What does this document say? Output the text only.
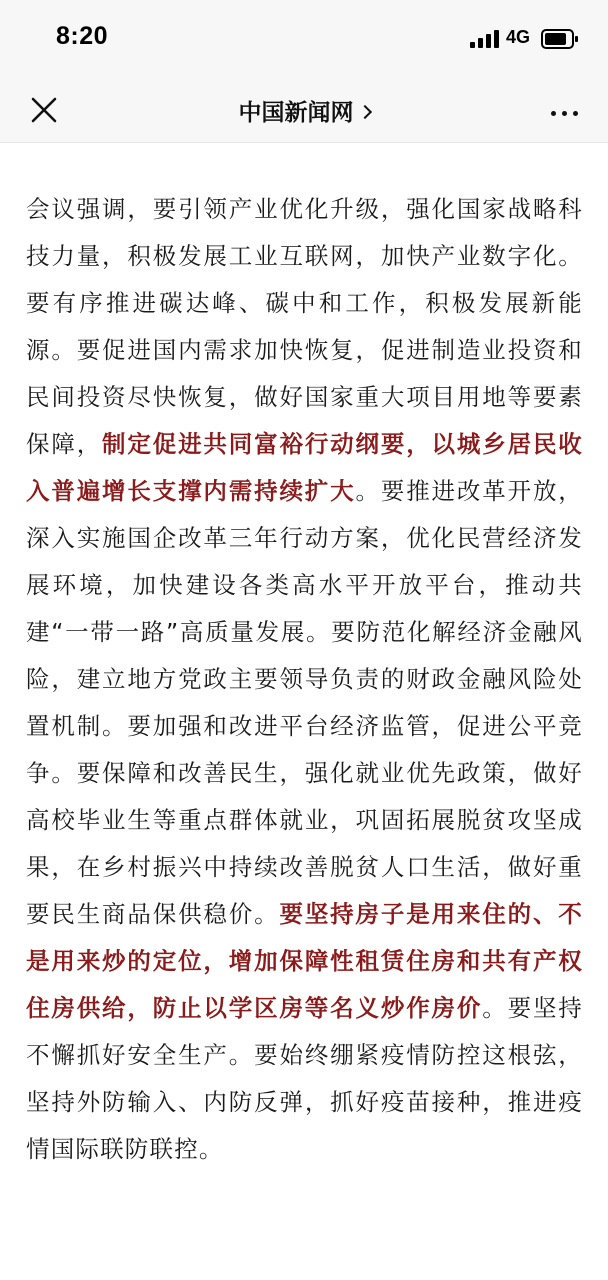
8:20	4G
中国新闻网
会议强调，要引领产业优化升级，强化国家战略科技力量，积极发展工业互联网，加快产业数字化。要有序推进碳达峰、碳中和工作，积极发展新能源。要促进国内需求加快恢复，促进制造业投资和民间投资尽快恢复，做好国家重大项目用地等要素保障，制定促进共同富裕行动纲要，以城乡居民收入普遍增长支撑内需持续扩大。要推进改革开放，深入实施国企改革三年行动方案，优化民营经济发展环境，加快建设各类高水平开放平台，推动共建“一带一路”高质量发展。要防范化解经济金融风险，建立地方党政主要领导负责的财政金融风险处置机制。要加强和改进平台经济监管，促进公平竞争。要保障和改善民生，强化就业优先政策，做好高校毕业生等重点群体就业，巩固拓展脱贫攻坚成果，在乡村振兴中持续改善脱贫人口生活，做好重要民生商品保供稳价。要坚持房子是用来住的、不是用来炒的定位，增加保障性租赁住房和共有产权住房供给，防止以学区房等名义炒作房价。要坚持不懈抓好安全生产。要始终绷紧疫情防控这根弦，坚持外防输入、内防反弹，抓好疫苗接种，推进疫情国际联防联控。
